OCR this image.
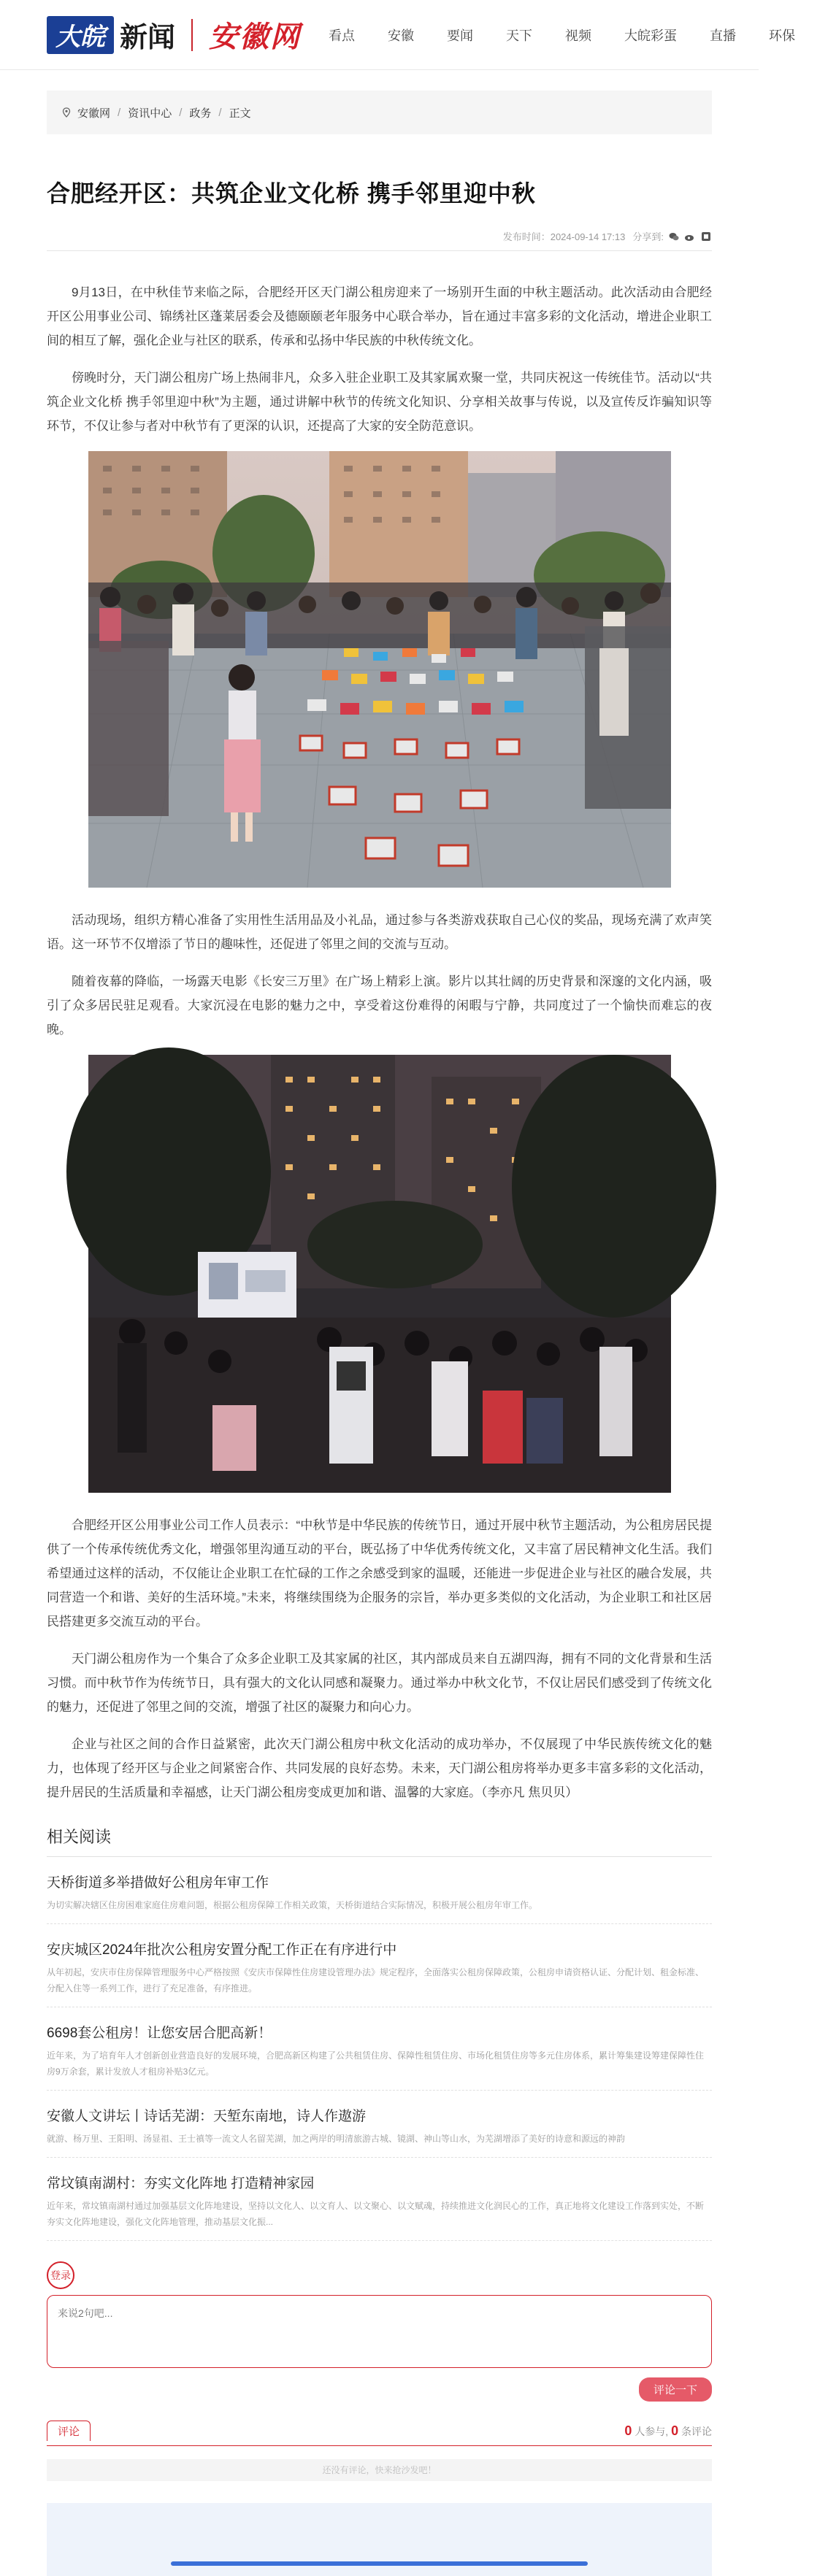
大皖 新闻 安徽网 看点	安徽	要闻	天下	视频	大皖彩蛋	直播	环保
安徽网 / 资讯中心 / 政务 / 正文
合肥经开区：共筑企业文化桥 携手邻里迎中秋
发布时间：2024-09-14 17:13 分享到:

9月13日，在中秋佳节来临之际，合肥经开区天门湖公租房迎来了一场别开生面的中秋主题活动。此次活动由合肥经开区公用事业公司、锦绣社区蓬莱居委会及德颐颐老年服务中心联合举办，旨在通过丰富多彩的文化活动，增进企业职工间的相互了解，强化企业与社区的联系，传承和弘扬中华民族的中秋传统文化。

傍晚时分，天门湖公租房广场上热闹非凡，众多入驻企业职工及其家属欢聚一堂，共同庆祝这一传统佳节。活动以“共筑企业文化桥 携手邻里迎中秋”为主题，通过讲解中秋节的传统文化知识、分享相关故事与传说，以及宣传反诈骗知识等环节，不仅让参与者对中秋节有了更深的认识，还提高了大家的安全防范意识。

活动现场，组织方精心准备了实用性生活用品及小礼品，通过参与各类游戏获取自己心仪的奖品，现场充满了欢声笑语。这一环节不仅增添了节日的趣味性，还促进了邻里之间的交流与互动。

随着夜幕的降临，一场露天电影《长安三万里》在广场上精彩上演。影片以其壮阔的历史背景和深邃的文化内涵，吸引了众多居民驻足观看。大家沉浸在电影的魅力之中，享受着这份难得的闲暇与宁静，共同度过了一个愉快而难忘的夜晚。

合肥经开区公用事业公司工作人员表示：“中秋节是中华民族的传统节日，通过开展中秋节主题活动，为公租房居民提供了一个传承传统优秀文化，增强邻里沟通互动的平台，既弘扬了中华优秀传统文化，又丰富了居民精神文化生活。我们希望通过这样的活动，不仅能让企业职工在忙碌的工作之余感受到家的温暖，还能进一步促进企业与社区的融合发展，共同营造一个和谐、美好的生活环境。”未来，将继续围绕为企服务的宗旨，举办更多类似的文化活动，为企业职工和社区居民搭建更多交流互动的平台。

天门湖公租房作为一个集合了众多企业职工及其家属的社区，其内部成员来自五湖四海，拥有不同的文化背景和生活习惯。而中秋节作为传统节日，具有强大的文化认同感和凝聚力。通过举办中秋文化节，不仅让居民们感受到了传统文化的魅力，还促进了邻里之间的交流，增强了社区的凝聚力和向心力。

企业与社区之间的合作日益紧密，此次天门湖公租房中秋文化活动的成功举办，不仅展现了中华民族传统文化的魅力，也体现了经开区与企业之间紧密合作、共同发展的良好态势。未来，天门湖公租房将举办更多丰富多彩的文化活动，提升居民的生活质量和幸福感，让天门湖公租房变成更加和谐、温馨的大家庭。（李亦凡 焦贝贝）

相关阅读
天桥街道多举措做好公租房年审工作
为切实解决辖区住房困难家庭住房难问题，根据公租房保障工作相关政策，天桥街道结合实际情况，积极开展公租房年审工作。
安庆城区2024年批次公租房安置分配工作正在有序进行中
从年初起，安庆市住房保障管理服务中心严格按照《安庆市保障性住房建设管理办法》规定程序，全面落实公租房保障政策，公租房申请资格认证、分配计划、租金标准、分配入住等一系列工作，进行了充足准备，有序推进。
6698套公租房！让您安居合肥高新！
近年来，为了培育年人才创新创业营造良好的发展环境，合肥高新区构建了公共租赁住房、保障性租赁住房、市场化租赁住房等多元住房体系，累计筹集建设筹建保障性住房9万余套，累计发放人才租房补贴3亿元。
安徽人文讲坛丨诗话芜湖：天堑东南地，诗人作遨游
就游、杨万里、王阳明、汤显祖、王士禛等一流文人名留芜湖，加之两岸的明清旅游古城、镜湖、神山等山水，为芜湖增添了美好的诗意和源远的神韵
常坟镇南湖村：夯实文化阵地 打造精神家园
近年来，常坟镇南湖村通过加强基层文化阵地建设，坚持以文化人、以文育人、以文聚心、以文赋魂，持续推进文化润民心的工作，真正地将文化建设工作落到实处，不断夯实文化阵地建设，强化文化阵地管理，推动基层文化振...
登录 来说2句吧...
评论一下
评论	0 人参与, 0 条评论
还没有评论，快来抢沙发吧！
